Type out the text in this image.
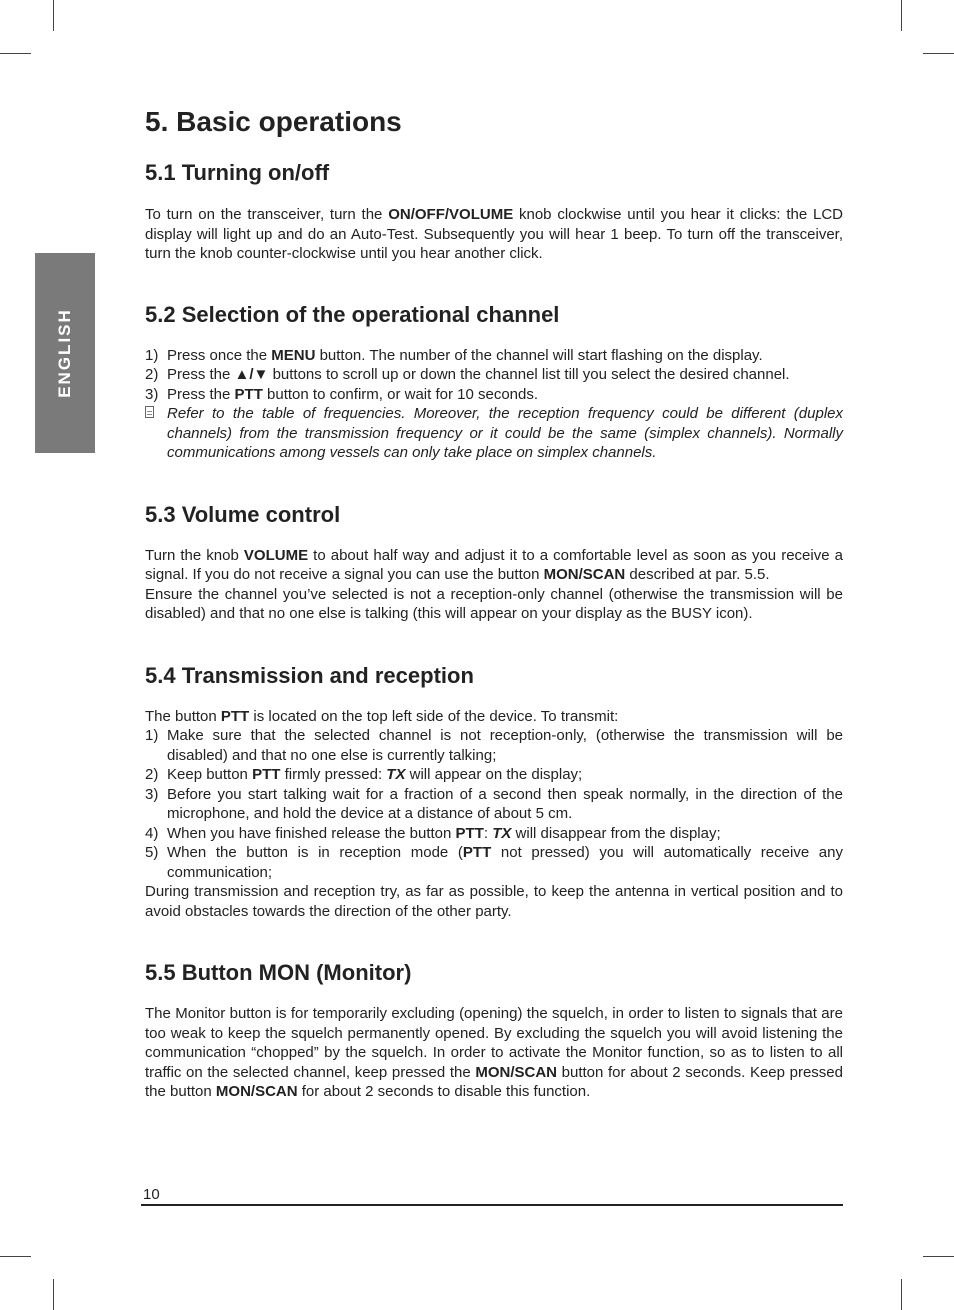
ENGLISH
5. Basic operations
5.1 Turning on/off

To turn on the transceiver, turn the ON/OFF/VOLUME knob clockwise until you hear it clicks: the LCD display will light up and do an Auto-Test. Subsequently you will hear 1 beep. To turn off the transceiver, turn the knob counter-clockwise until you hear another click.

5.2 Selection of the operational channel
1) Press once the MENU button. The number of the channel will start flashing on the display.
2) Press the ▲/▼ buttons to scroll up or down the channel list till you select the desired channel.
3) Press the PTT button to confirm, or wait for 10 seconds.
Refer to the table of frequencies. Moreover, the reception frequency could be different (duplex channels) from the transmission frequency or it could be the same (simplex channels). Normally communications among vessels can only take place on simplex channels.
5.3 Volume control

Turn the knob VOLUME to about half way and adjust it to a comfortable level as soon as you receive a signal. If you do not receive a signal you can use the button MON/SCAN described at par. 5.5.

Ensure the channel you’ve selected is not a reception-only channel (otherwise the transmission will be disabled) and that no one else is talking (this will appear on your display as the BUSY icon).

5.4 Transmission and reception

The button PTT is located on the top left side of the device. To transmit:

1) Make sure that the selected channel is not reception-only, (otherwise the transmission will be disabled) and that no one else is currently talking;
2) Keep button PTT firmly pressed: TX will appear on the display;
3) Before you start talking wait for a fraction of a second then speak normally, in the direction of the microphone, and hold the device at a distance of about 5 cm.
4) When you have finished release the button PTT: TX will disappear from the display;
5) When the button is in reception mode (PTT not pressed) you will automatically receive any communication;

During transmission and reception try, as far as possible, to keep the antenna in vertical position and to avoid obstacles towards the direction of the other party.

5.5 Button MON (Monitor)

The Monitor button is for temporarily excluding (opening) the squelch, in order to listen to signals that are too weak to keep the squelch permanently opened. By excluding the squelch you will avoid listening the communication “chopped” by the squelch. In order to activate the Monitor function, so as to listen to all traffic on the selected channel, keep pressed the MON/SCAN button for about 2 seconds. Keep pressed the button MON/SCAN for about 2 seconds to disable this function.

10
